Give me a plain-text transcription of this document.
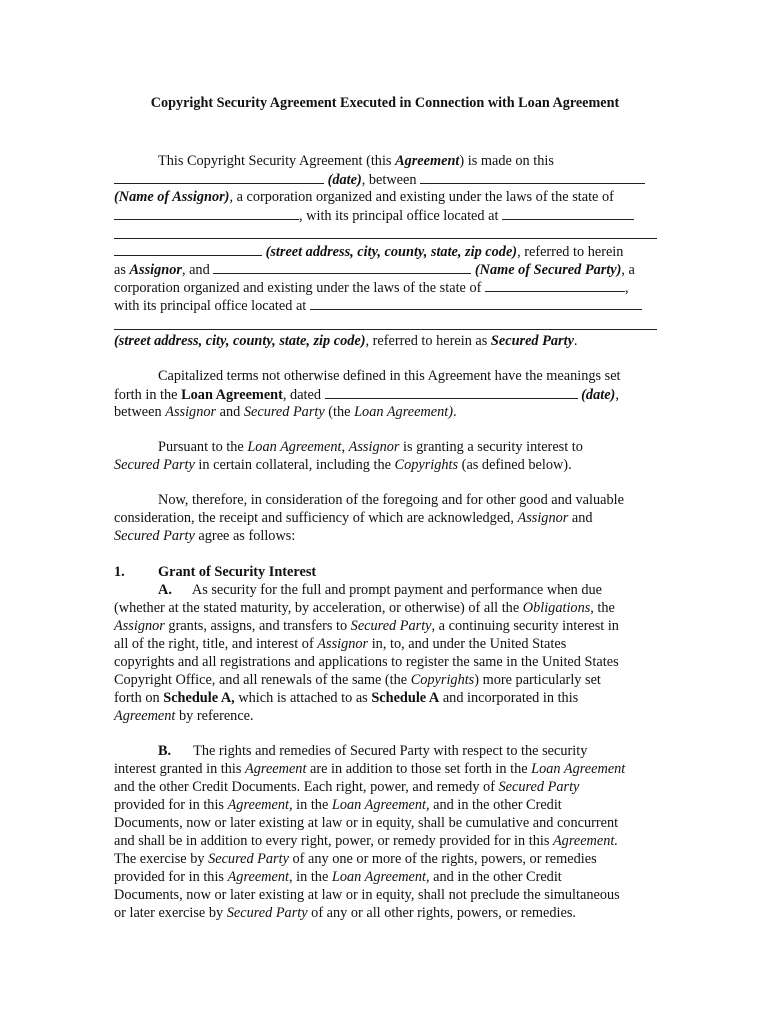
Copyright Security Agreement Executed in Connection with Loan Agreement
This Copyright Security Agreement (this Agreement) is made on this
(date), between
(Name of Assignor), a corporation organized and existing under the laws of the state of
, with its principal office located at
(street address, city, county, state, zip code), referred to herein
as Assignor, and	(Name of Secured Party), a
corporation organized and existing under the laws of the state of	,
with its principal office located at
(street address, city, county, state, zip code), referred to herein as Secured Party.
Capitalized terms not otherwise defined in this Agreement have the meanings set
forth in the Loan Agreement, dated	(date),
between Assignor and Secured Party (the Loan Agreement).
Pursuant to the Loan Agreement, Assignor is granting a security interest to
Secured Party in certain collateral, including the Copyrights (as defined below).
Now, therefore, in consideration of the foregoing and for other good and valuable
consideration, the receipt and sufficiency of which are acknowledged, Assignor and
Secured Party agree as follows:
1. Grant of Security Interest
A. As security for the full and prompt payment and performance when due
(whether at the stated maturity, by acceleration, or otherwise) of all the Obligations, the
Assignor grants, assigns, and transfers to Secured Party, a continuing security interest in
all of the right, title, and interest of Assignor in, to, and under the United States
copyrights and all registrations and applications to register the same in the United States
Copyright Office, and all renewals of the same (the Copyrights) more particularly set
forth on Schedule A, which is attached to as Schedule A and incorporated in this
Agreement by reference.
B. The rights and remedies of Secured Party with respect to the security
interest granted in this Agreement are in addition to those set forth in the Loan Agreement
and the other Credit Documents. Each right, power, and remedy of Secured Party
provided for in this Agreement, in the Loan Agreement, and in the other Credit
Documents, now or later existing at law or in equity, shall be cumulative and concurrent
and shall be in addition to every right, power, or remedy provided for in this Agreement.
The exercise by Secured Party of any one or more of the rights, powers, or remedies
provided for in this Agreement, in the Loan Agreement, and in the other Credit
Documents, now or later existing at law or in equity, shall not preclude the simultaneous
or later exercise by Secured Party of any or all other rights, powers, or remedies.
